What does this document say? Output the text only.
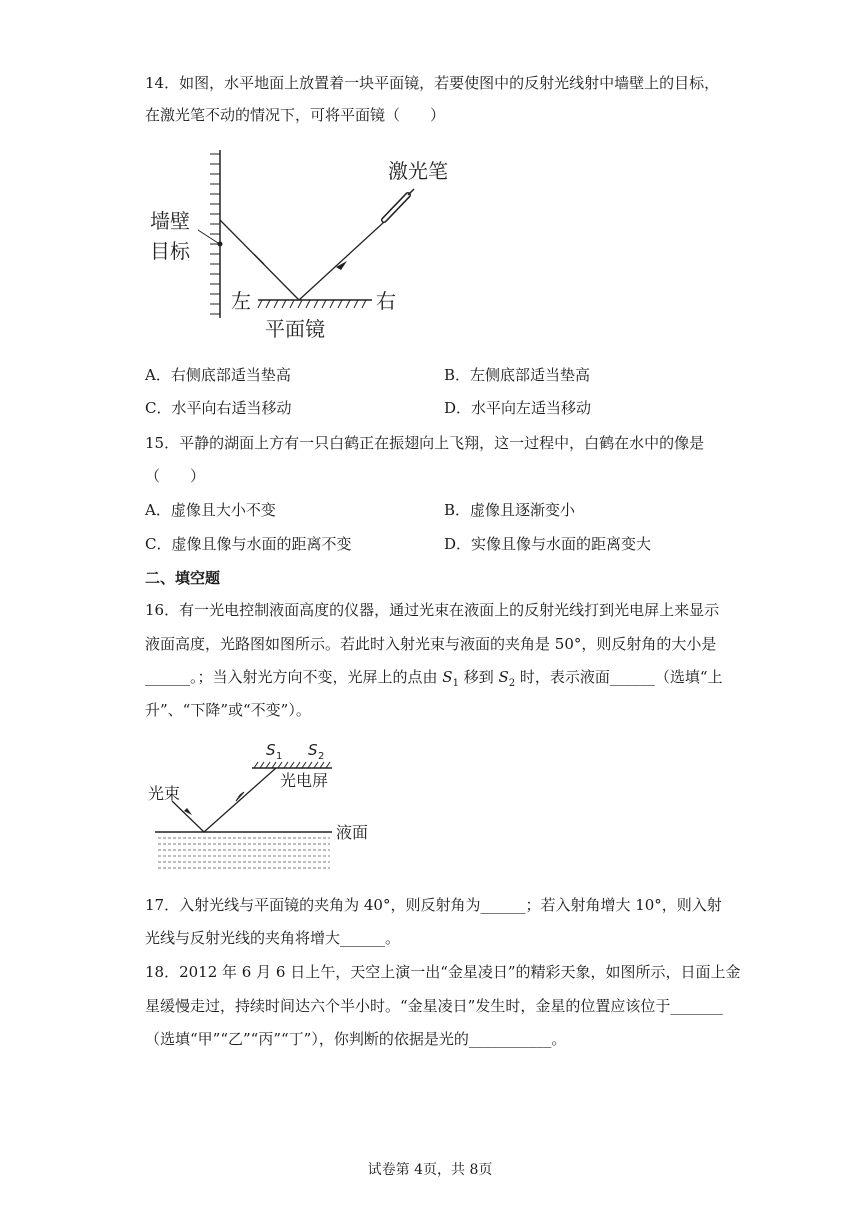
14．如图，水平地面上放置着一块平面镜，若要使图中的反射光线射中墙壁上的目标，
在激光笔不动的情况下，可将平面镜（　　）
激光笔
墙壁
目标
左	右
平面镜
A．右侧底部适当垫高	B．左侧底部适当垫高
C．水平向右适当移动	D．水平向左适当移动
15．平静的湖面上方有一只白鹤正在振翅向上飞翔，这一过程中，白鹤在水中的像是
（　　）
A．虚像且大小不变	B．虚像且逐渐变小
C．虚像且像与水面的距离不变	D．实像且像与水面的距离变大
二、填空题
16．有一光电控制液面高度的仪器，通过光束在液面上的反射光线打到光电屏上来显示
液面高度，光路图如图所示。若此时入射光束与液面的夹角是 50°，则反射角的大小是
______。；当入射光方向不变，光屏上的点由 $S_1$ 移到 $S_2$ 时，表示液面______（选填“上
升”、“下降”或“不变”）。
光束
光电屏
液面
S 1 S 2
17．入射光线与平面镜的夹角为 40°，则反射角为______；若入射角增大 10°，则入射
光线与反射光线的夹角将增大______。
18．2012 年 6 月 6 日上午，天空上演一出“金星凌日”的精彩天象，如图所示，日面上金
星缓慢走过，持续时间达六个半小时。“金星凌日”发生时，金星的位置应该位于_______
（选填“甲”“乙”“丙”“丁”），你判断的依据是光的___________。
试卷第 4页，共 8页
